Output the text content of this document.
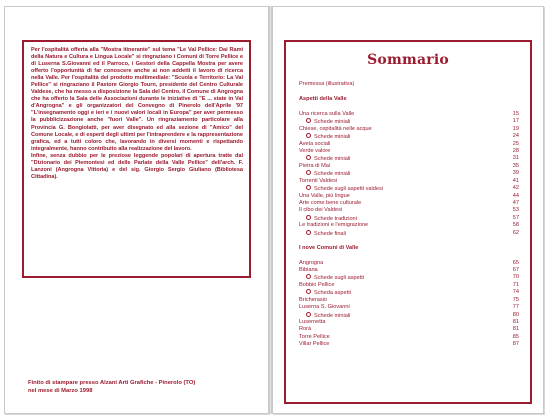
Per l'ospitalità offerta alla "Mostra itinerante" sul tema "Le Val Pellice: Dai Rami della Natura e Cultura e Lingua Locale" si ringraziano i Comuni di Torre Pellice e di Luserna S.Giovanni ed il Parroco, i Gestori della Cappella Mostra per avere offerto l'opportunità di far conoscere anche ai non addetti il lavoro di ricerca nella Valle. Per l'ospitalità del prodotto multimediale: "Scuola e Territorio: La Val Pellice" si ringraziano il Pastore Giorgio Tourn, presidente del Centro Culturale Valdese, che ha messo a disposizione la Sala del Centro, il Comune di Angrogna che ha offerto la Sala delle Associazioni durante le iniziative di "E ... state in Val d'Angrogna" e gli organizzatori del Convegno di Pinerolo dell'Aprile '97 "L'insegnamento oggi e ieri e i nuovi valori locali in Europa" per aver permesso la pubblicizzazione anche "fuori Valle". Un ringraziamento particolare alla Provincia G. Bongiolatti, per aver disegnato ed alla sezione di "Amico" del Comune Locale, e di esperti degli ultimi per l'intraprendere e la rappresentazione grafica, ed a tutti coloro che, lavorando in diversi momenti e rispettando integralmente, hanno contribuito alla realizzazione del lavoro.

Infine, senza dubbio per le preziose leggende popolari di apertura tratte dal "Dizionario dei Piemontesi ed delle Parlate della Valle Pellice" dell'arch. F. Lanzoni (Angrogna Vittoria) e del sig. Giorgio Sergio Giuliano (Bibliotesa Cittadina).

Finito di stampare presso Alzani Arti Grafiche - Pinerolo (TO)
nel mese di Marzo 1998
Sommario
Premessa (illustrativa)
Aspetti della Valle
Una ricerca sulla Valle	15
Schede miniali	17
Chiese, ospitalità nelle acque	19
Schede miniali	24
Aveta sociali	25
Verde valore	28
Schede miniali	31
Pietra di Mai	35
Schede miniali	39
Torrenti Valdesi	41
Schede sugli aspetti valdesi	42
Una Valle, più lingue	44
Arte come bene culturale	47
Il cibo dei Valdesi	53
Schede tradizioni	57
Le tradizioni e l'emigrazione	58
Schede finali	62
I nove Comuni di Valle
Angrogna	65
Bibiana	67
Schede sugli aspetti	70
Bobbio Pellice	71
Scheda aspetti	74
Bricherasio	75
Luserna S. Giovanni	77
Schede miniali	80
Lusernetta	81
Rorà	81
Torre Pellice	85
Villar Pellice	87
